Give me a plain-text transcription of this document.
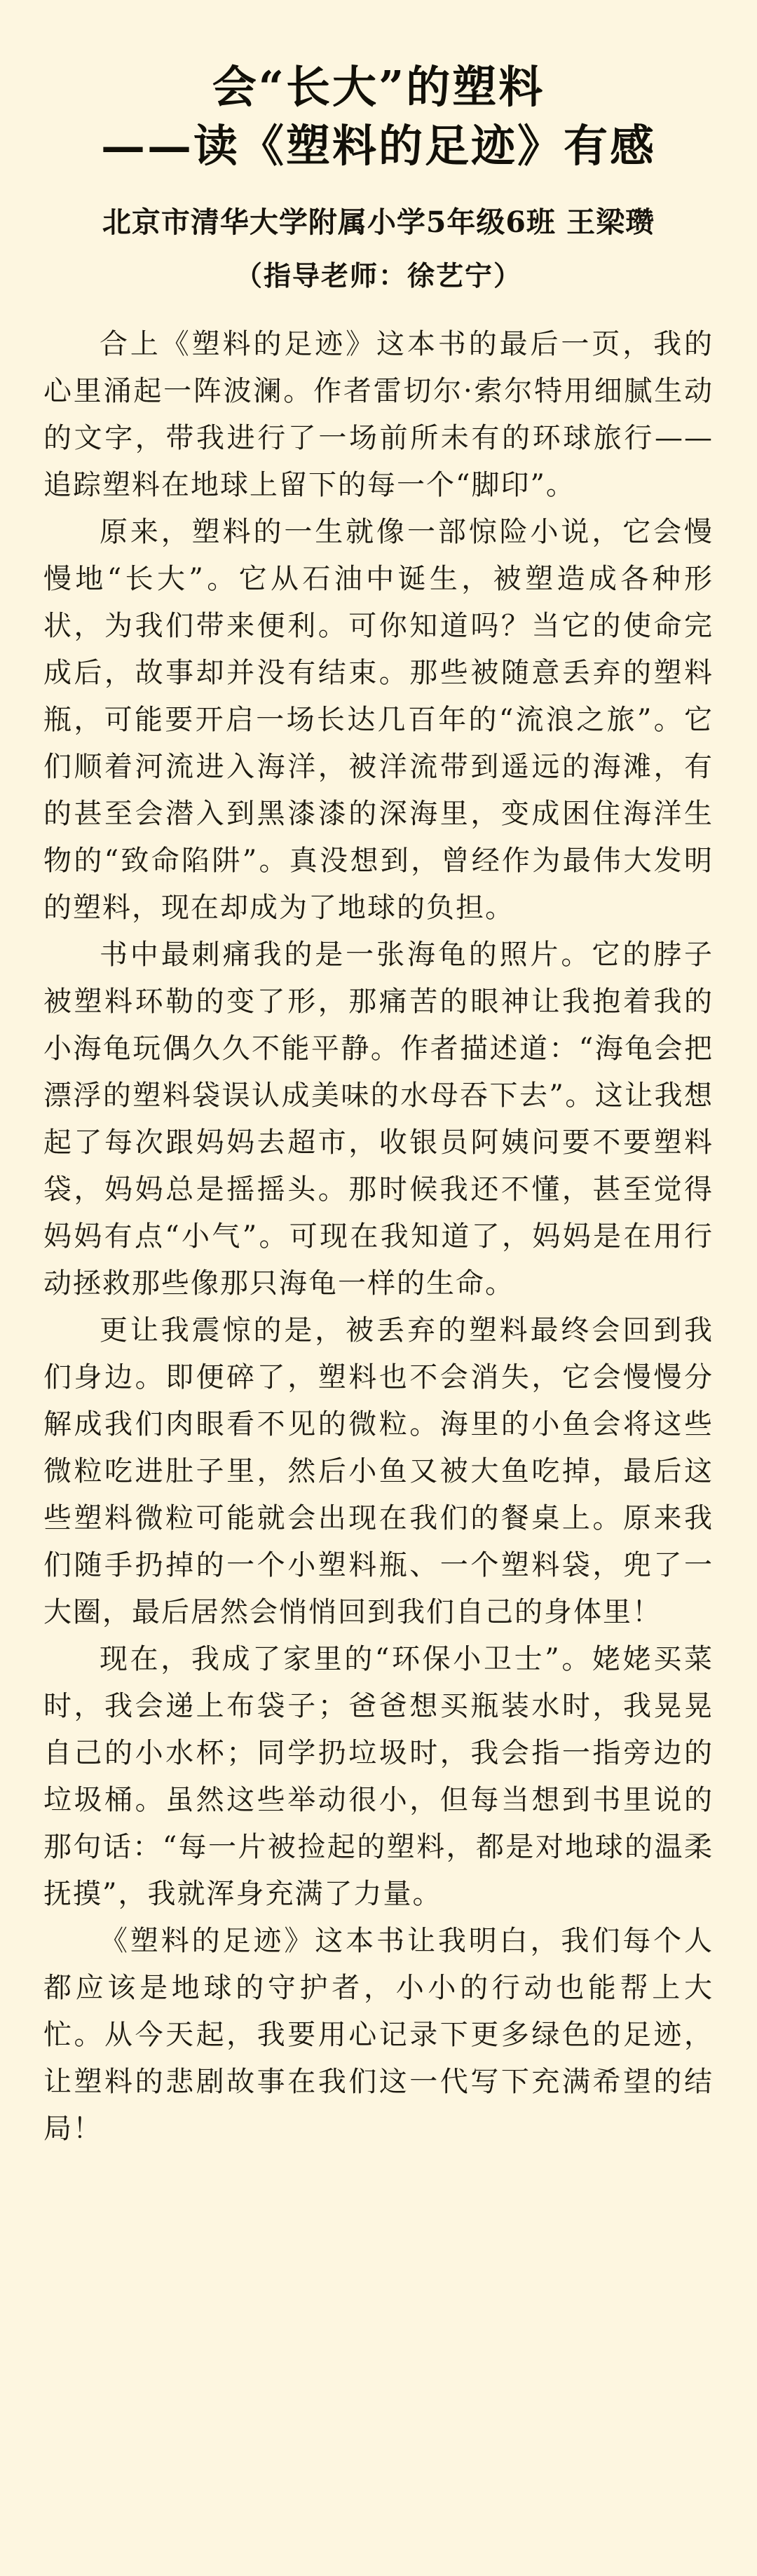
会“长大”的塑料
——读《塑料的足迹》有感
北京市清华大学附属小学5年级6班 王梁瓒
（指导老师：徐艺宁）

合上《塑料的足迹》这本书的最后一页，我的心里涌起一阵波澜。作者雷切尔·索尔特用细腻生动的文字，带我进行了一场前所未有的环球旅行——追踪塑料在地球上留下的每一个“脚印”。

原来，塑料的一生就像一部惊险小说，它会慢慢地“长大”。它从石油中诞生，被塑造成各种形状，为我们带来便利。可你知道吗？当它的使命完成后，故事却并没有结束。那些被随意丢弃的塑料瓶，可能要开启一场长达几百年的“流浪之旅”。它们顺着河流进入海洋，被洋流带到遥远的海滩，有的甚至会潜入到黑漆漆的深海里，变成困住海洋生物的“致命陷阱”。真没想到，曾经作为最伟大发明的塑料，现在却成为了地球的负担。

书中最刺痛我的是一张海龟的照片。它的脖子被塑料环勒的变了形，那痛苦的眼神让我抱着我的小海龟玩偶久久不能平静。作者描述道：“海龟会把漂浮的塑料袋误认成美味的水母吞下去”。这让我想起了每次跟妈妈去超市，收银员阿姨问要不要塑料袋，妈妈总是摇摇头。那时候我还不懂，甚至觉得妈妈有点“小气”。可现在我知道了，妈妈是在用行动拯救那些像那只海龟一样的生命。

更让我震惊的是，被丢弃的塑料最终会回到我们身边。即便碎了，塑料也不会消失，它会慢慢分解成我们肉眼看不见的微粒。海里的小鱼会将这些微粒吃进肚子里，然后小鱼又被大鱼吃掉，最后这些塑料微粒可能就会出现在我们的餐桌上。原来我们随手扔掉的一个小塑料瓶、一个塑料袋，兜了一大圈，最后居然会悄悄回到我们自己的身体里！

现在，我成了家里的“环保小卫士”。姥姥买菜时，我会递上布袋子；爸爸想买瓶装水时，我晃晃自己的小水杯；同学扔垃圾时，我会指一指旁边的垃圾桶。虽然这些举动很小，但每当想到书里说的那句话：“每一片被捡起的塑料，都是对地球的温柔抚摸”，我就浑身充满了力量。

《塑料的足迹》这本书让我明白，我们每个人都应该是地球的守护者，小小的行动也能帮上大忙。从今天起，我要用心记录下更多绿色的足迹，让塑料的悲剧故事在我们这一代写下充满希望的结局！
